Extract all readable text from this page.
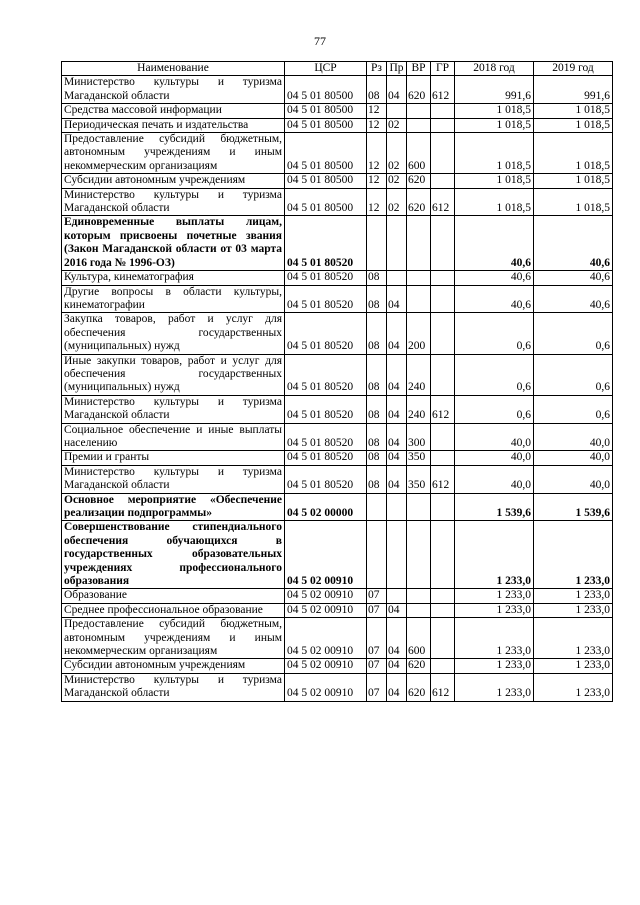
77
Наименование	ЦСР	Рз	Пр	ВР	ГР	2018 год	2019 год
Министерство культуры и туризма Магаданской области	04 5 01 80500	08	04	620	612	991,6	991,6
Средства массовой информации	04 5 01 80500	12				1 018,5	1 018,5
Периодическая печать и издательства	04 5 01 80500	12	02			1 018,5	1 018,5
Предоставление субсидий бюджетным, автономным учреждениям и иным некоммерческим организациям	04 5 01 80500	12	02	600		1 018,5	1 018,5
Субсидии автономным учреждениям	04 5 01 80500	12	02	620		1 018,5	1 018,5
Министерство культуры и туризма Магаданской области	04 5 01 80500	12	02	620	612	1 018,5	1 018,5
Единовременные выплаты лицам, которым присвоены почетные звания (Закон Магаданской области от 03 марта 2016 года № 1996-ОЗ)	04 5 01 80520					40,6	40,6
Культура, кинематография	04 5 01 80520	08				40,6	40,6
Другие вопросы в области культуры, кинематографии	04 5 01 80520	08	04			40,6	40,6
Закупка товаров, работ и услуг для обеспечения государственных (муниципальных) нужд	04 5 01 80520	08	04	200		0,6	0,6
Иные закупки товаров, работ и услуг для обеспечения государственных (муниципальных) нужд	04 5 01 80520	08	04	240		0,6	0,6
Министерство культуры и туризма Магаданской области	04 5 01 80520	08	04	240	612	0,6	0,6
Социальное обеспечение и иные выплаты населению	04 5 01 80520	08	04	300		40,0	40,0
Премии и гранты	04 5 01 80520	08	04	350		40,0	40,0
Министерство культуры и туризма Магаданской области	04 5 01 80520	08	04	350	612	40,0	40,0
Основное мероприятие «Обеспечение реализации подпрограммы»	04 5 02 00000					1 539,6	1 539,6
Совершенствование стипендиального обеспечения обучающихся в государственных образовательных учреждениях профессионального образования	04 5 02 00910					1 233,0	1 233,0
Образование	04 5 02 00910	07				1 233,0	1 233,0
Среднее профессиональное образование	04 5 02 00910	07	04			1 233,0	1 233,0
Предоставление субсидий бюджетным, автономным учреждениям и иным некоммерческим организациям	04 5 02 00910	07	04	600		1 233,0	1 233,0
Субсидии автономным учреждениям	04 5 02 00910	07	04	620		1 233,0	1 233,0
Министерство культуры и туризма Магаданской области	04 5 02 00910	07	04	620	612	1 233,0	1 233,0
